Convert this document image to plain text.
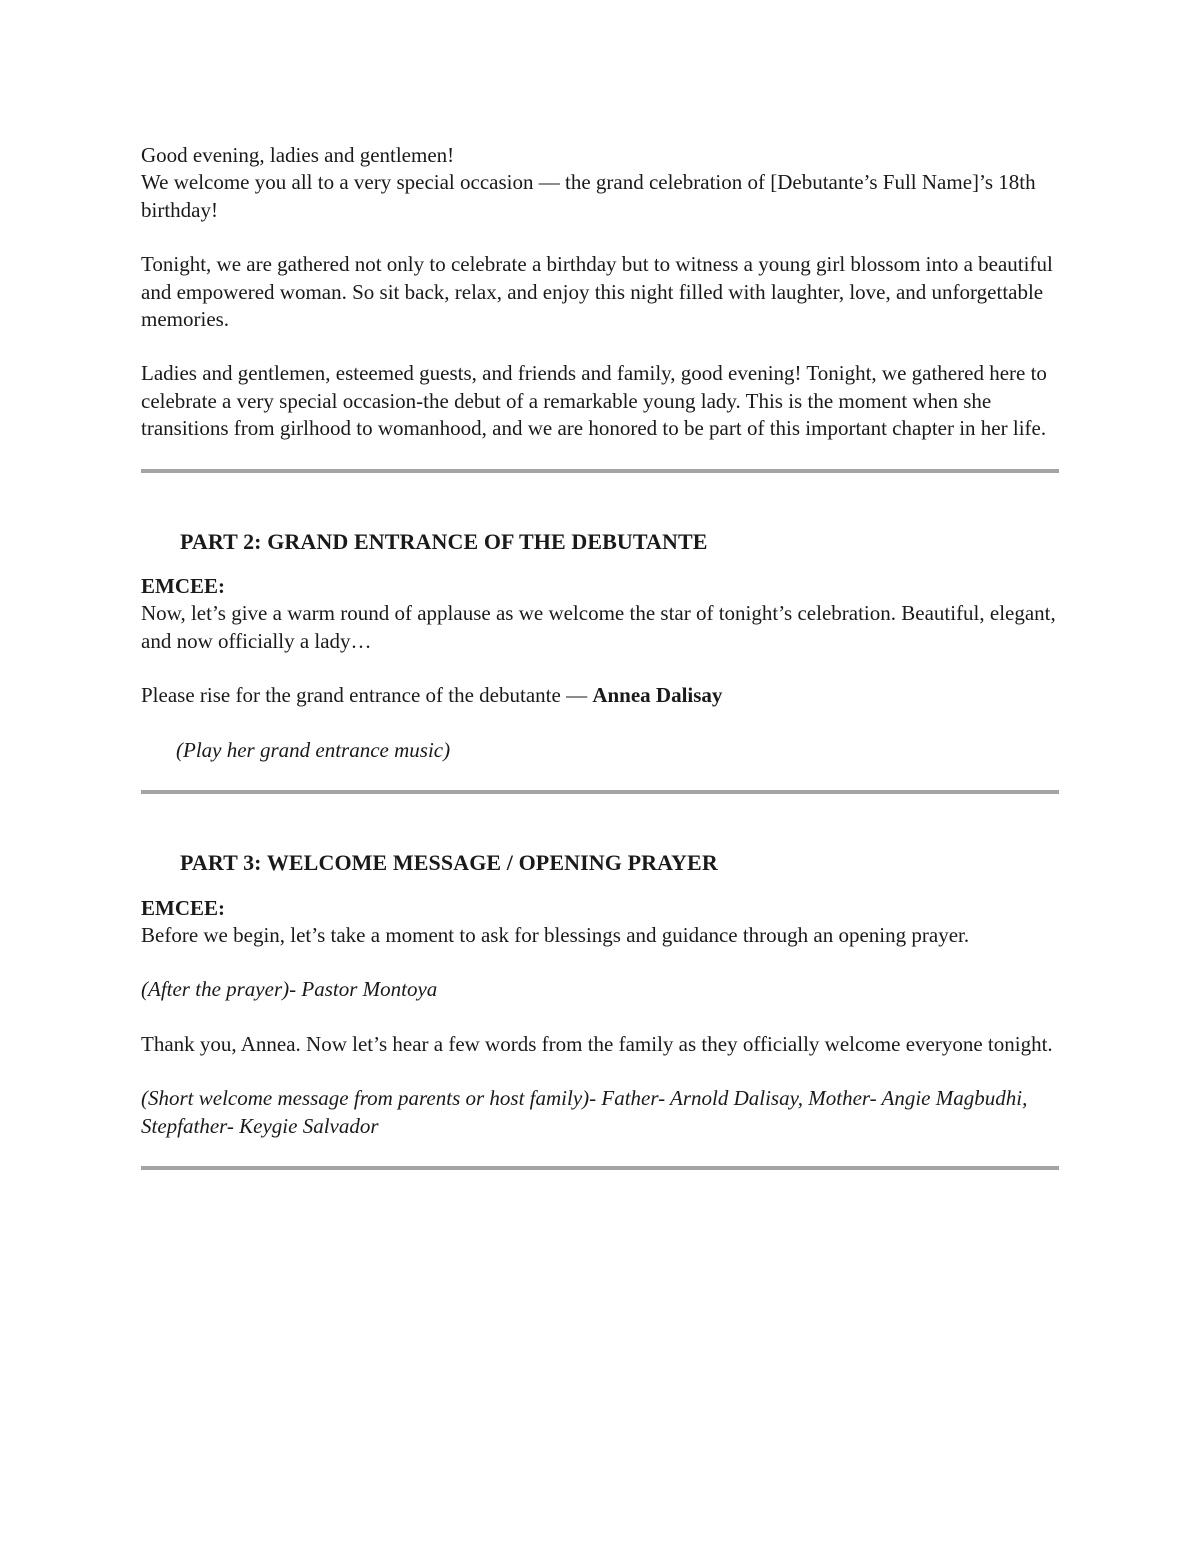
Good evening, ladies and gentlemen!

We welcome you all to a very special occasion — the grand celebration of [Debutante’s Full Name]’s 18th birthday!

Tonight, we are gathered not only to celebrate a birthday but to witness a young girl blossom into a beautiful and empowered woman. So sit back, relax, and enjoy this night filled with laughter, love, and unforgettable memories.

Ladies and gentlemen, esteemed guests, and friends and family, good evening! Tonight, we gathered here to celebrate a very special occasion-the debut of a remarkable young lady. This is the moment when she transitions from girlhood to womanhood, and we are honored to be part of this important chapter in her life.

PART 2: GRAND ENTRANCE OF THE DEBUTANTE

EMCEE:

Now, let’s give a warm round of applause as we welcome the star of tonight’s celebration. Beautiful, elegant, and now officially a lady…

Please rise for the grand entrance of the debutante — Annea Dalisay

(Play her grand entrance music)

PART 3: WELCOME MESSAGE / OPENING PRAYER

EMCEE:

Before we begin, let’s take a moment to ask for blessings and guidance through an opening prayer.

(After the prayer)- Pastor Montoya

Thank you, Annea. Now let’s hear a few words from the family as they officially welcome everyone tonight.

(Short welcome message from parents or host family)- Father- Arnold Dalisay, Mother- Angie Magbudhi, Stepfather- Keygie Salvador
